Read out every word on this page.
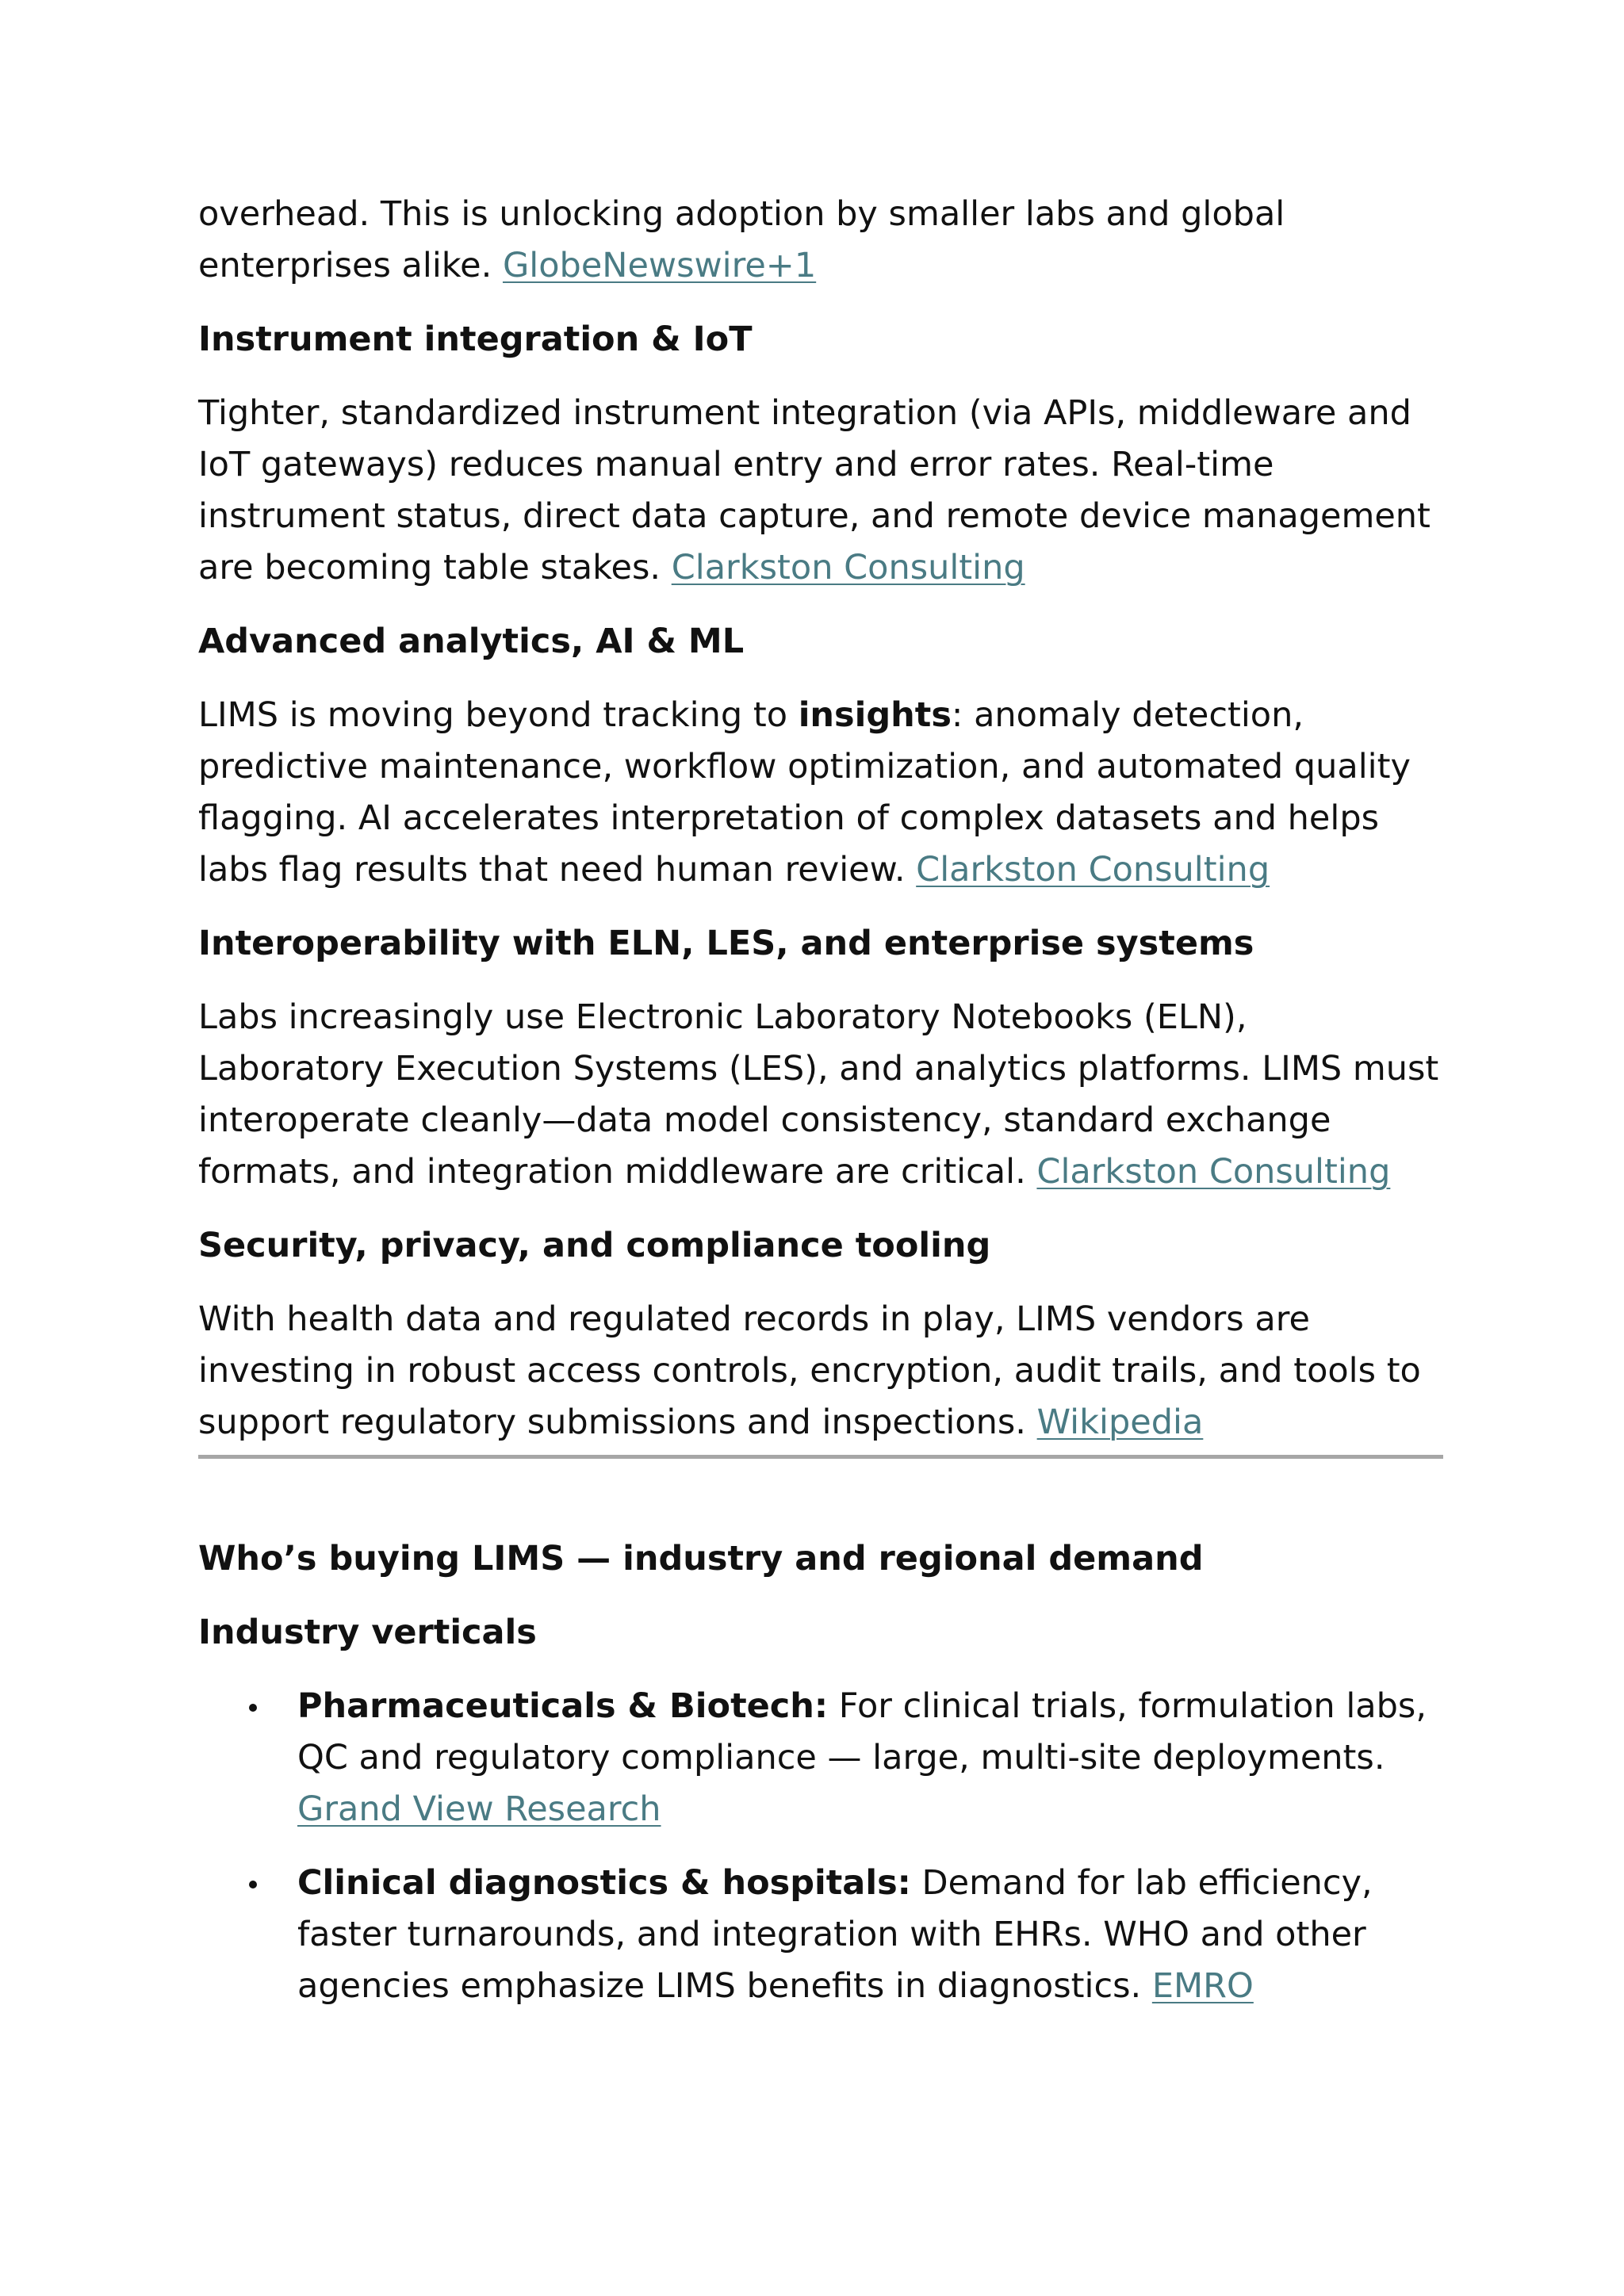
overhead. This is unlocking adoption by smaller labs and global enterprises alike. GlobeNewswire+1

Instrument integration & IoT

Tighter, standardized instrument integration (via APIs, middleware and IoT gateways) reduces manual entry and error rates. Real-time instrument status, direct data capture, and remote device management are becoming table stakes. Clarkston Consulting

Advanced analytics, AI & ML

LIMS is moving beyond tracking to insights: anomaly detection, predictive maintenance, workflow optimization, and automated quality flagging. AI accelerates interpretation of complex datasets and helps labs flag results that need human review. Clarkston Consulting

Interoperability with ELN, LES, and enterprise systems

Labs increasingly use Electronic Laboratory Notebooks (ELN), Laboratory Execution Systems (LES), and analytics platforms. LIMS must interoperate cleanly—data model consistency, standard exchange formats, and integration middleware are critical. Clarkston Consulting

Security, privacy, and compliance tooling

With health data and regulated records in play, LIMS vendors are investing in robust access controls, encryption, audit trails, and tools to support regulatory submissions and inspections. Wikipedia

Who’s buying LIMS — industry and regional demand

Industry verticals

Pharmaceuticals & Biotech: For clinical trials, formulation labs, QC and regulatory compliance — large, multi-site deployments. Grand View Research
Clinical diagnostics & hospitals: Demand for lab efficiency, faster turnarounds, and integration with EHRs. WHO and other agencies emphasize LIMS benefits in diagnostics. EMRO
